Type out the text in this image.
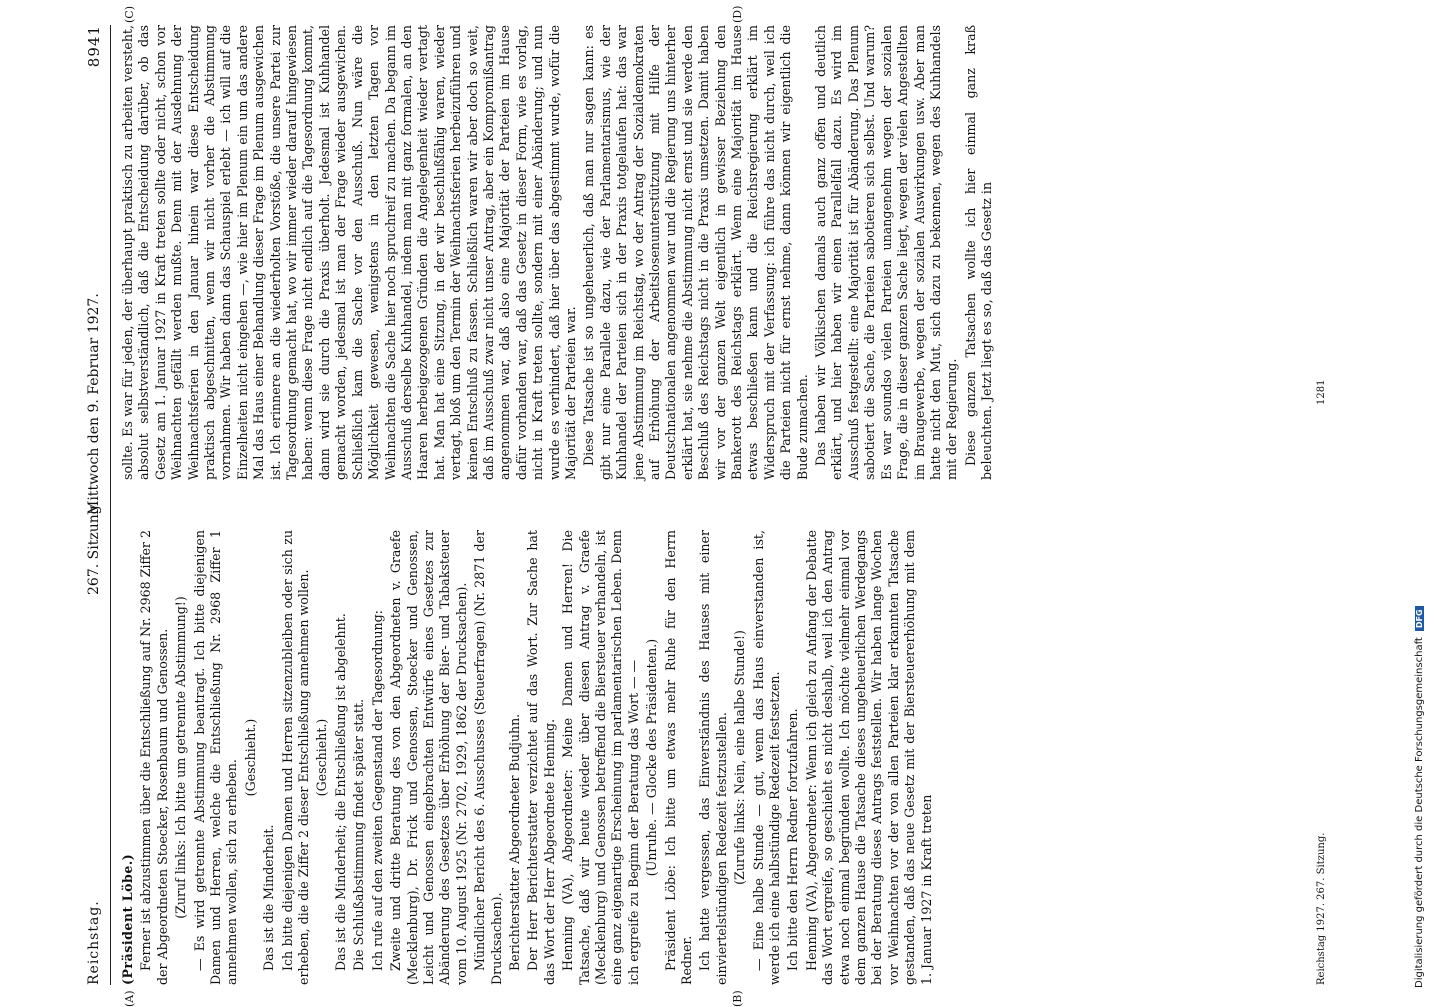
Reichstag.
267. Sitzung.
Mittwoch den 9. Februar 1927.
8941
(A)	(B)
(C)	(D)

(Präsident Löbe.) Ferner ist abzustimmen über die Entschließung auf Nr. 2968 Ziffer 2 der Abgeordneten Stoecker, Rosenbaum und Genossen. (Zuruf links: Ich bitte um getrennte Abstimmung!) — Es wird getrennte Abstimmung beantragt. Ich bitte diejenigen Damen und Herren, welche die Entschließung Nr. 2968 Ziffer 1 annehmen wollen, sich zu erheben.

(Geschieht.)

Das ist die Minderheit. Ich bitte diejenigen Damen und Herren sitzenzubleiben oder sich zu erheben, die die Ziffer 2 dieser Entschließung annehmen wollen. (Geschieht.) Das ist die Minderheit; die Entschließung ist abgelehnt. Die Schlußabstimmung findet später statt. Ich rufe auf den zweiten Gegenstand der Tagesordnung: Zweite und dritte Beratung des von den Abgeordneten v. Graefe (Mecklenburg), Dr. Frick und Genossen, Stoecker und Genossen, Leicht und Genossen eingebrachten Entwürfe eines Gesetzes zur Abänderung des Gesetzes über Erhöhung der Bier- und Tabaksteuer vom 10. August 1925 (Nr. 2702, 1929, 1862 der Drucksachen). Mündlicher Bericht des 6. Ausschusses (Steuerfragen) (Nr. 2871 der Drucksachen). Berichterstatter Abgeordneter Budjuhn. Der Herr Berichterstatter verzichtet auf das Wort. Zur Sache hat das Wort der Herr Abgeordnete Henning. Henning (VA), Abgeordneter: Meine Damen und Herren! Die Tatsache, daß wir heute wieder über diesen Antrag v. Graefe (Mecklenburg) und Genossen betreffend die Biersteuer verhandeln, ist eine ganz eigenartige Erscheinung im parlamentarischen Leben. Denn ich ergreife zu Beginn der Beratung das Wort — — (Unruhe. — Glocke des Präsidenten.) Präsident Löbe: Ich bitte um etwas mehr Ruhe für den Herrn Redner. Ich hatte vergessen, das Einverständnis des Hauses mit einer einviertelstündigen Redezeit festzustellen. (Zurufe links: Nein, eine halbe Stunde!) — Eine halbe Stunde — gut, wenn das Haus einverstanden ist, werde ich eine halbstündige Redezeit festsetzen. Ich bitte den Herrn Redner fortzufahren. Henning (VA), Abgeordneter: Wenn ich gleich zu Anfang der Debatte das Wort ergreife, so geschieht es nicht deshalb, weil ich den Antrag etwa noch einmal begründen wollte. Ich möchte vielmehr einmal vor dem ganzen Hause die Tatsache dieses ungeheuerlichen Werdegangs bei der Beratung dieses Antrags feststellen. Wir haben lange Wochen vor Weihnachten vor der von allen Parteien klar erkannten Tatsache gestanden, daß das neue Gesetz mit der Biersteuererhöhung mit dem 1. Januar 1927 in Kraft treten

sollte. Es war für jeden, der überhaupt praktisch zu arbeiten versteht, absolut selbstverständlich, daß die Entscheidung darüber, ob das Gesetz am 1. Januar 1927 in Kraft treten sollte oder nicht, schon vor Weihnachten gefällt werden mußte. Denn mit der Ausdehnung der Weihnachtsferien in den Januar hinein war diese Entscheidung praktisch abgeschnitten, wenn wir nicht vorher die Abstimmung vornahmen. Wir haben dann das Schauspiel erlebt — ich will auf die Einzelheiten nicht eingehen —, wie hier im Plenum ein um das andere Mal das Haus einer Behandlung dieser Frage im Plenum ausgewichen ist. Ich erinnere an die wiederholten Vorstöße, die unsere Partei zur Tagesordnung gemacht hat, wo wir immer wieder darauf hingewiesen haben: wenn diese Frage nicht endlich auf die Tagesordnung kommt, dann wird sie durch die Praxis überholt. Jedesmal ist Kuhhandel gemacht worden, jedesmal ist man der Frage wieder ausgewichen. Schließlich kam die Sache vor den Ausschuß. Nun wäre die Möglichkeit gewesen, wenigstens in den letzten Tagen vor Weihnachten die Sache hier noch spruchreif zu machen. Da begann im Ausschuß derselbe Kuhhandel, indem man mit ganz formalen, an den Haaren herbeigezogenen Gründen die Angelegenheit wieder vertagt hat. Man hat eine Sitzung, in der wir beschlußfähig waren, wieder vertagt, bloß um den Termin der Weihnachtsferien herbeizuführen und keinen Entschluß zu fassen. Schließlich waren wir aber doch so weit, daß im Ausschuß zwar nicht unser Antrag, aber ein Kompromißantrag angenommen war, daß also eine Majorität der Parteien im Hause dafür vorhanden war, daß das Gesetz in dieser Form, wie es vorlag, nicht in Kraft treten sollte, sondern mit einer Abänderung; und nun wurde es verhindert, daß hier über das abgestimmt wurde, wofür die Majorität der Parteien war. Diese Tatsache ist so ungeheuerlich, daß man nur sagen kann: es gibt nur eine Parallele dazu, wie der Parlamentarismus, wie der Kuhhandel der Parteien sich in der Praxis totgelaufen hat: das war jene Abstimmung im Reichstag, wo der Antrag der Sozialdemokraten auf Erhöhung der Arbeitslosenunterstützung mit Hilfe der Deutschnationalen angenommen war und die Regierung uns hinterher erklärt hat, sie nehme die Abstimmung nicht ernst und sie werde den Beschluß des Reichstags nicht in die Praxis umsetzen. Damit haben wir vor der ganzen Welt eigentlich in gewisser Beziehung den Bankerott des Reichstags erklärt. Wenn eine Majorität im Hause etwas beschließen kann und die Reichsregierung erklärt im Widerspruch mit der Verfassung: ich führe das nicht durch, weil ich die Parteien nicht für ernst nehme, dann können wir eigentlich die Bude zumachen. Das haben wir Völkischen damals auch ganz offen und deutlich erklärt, und hier haben wir einen Parallelfall dazu. Es wird im Ausschuß festgestellt: eine Majorität ist für Abänderung. Das Plenum sabotiert die Sache, die Parteien sabotieren sich selbst. Und warum? Es war soundso vielen Parteien unangenehm wegen der sozialen Frage, die in dieser ganzen Sache liegt, wegen der vielen Angestellten im Braugewerbe, wegen der sozialen Auswirkungen usw. Aber man hatte nicht den Mut, sich dazu zu bekennen, wegen des Kuhhandels mit der Regierung. Diese ganzen Tatsachen wollte ich hier einmal ganz kraß beleuchten. Jetzt liegt es so, daß das Gesetz in

Reichstag 1927. 267. Sitzung.
1281
Digitalisierung gefördert durch die Deutsche ForschungsgemeinschaftDFG
